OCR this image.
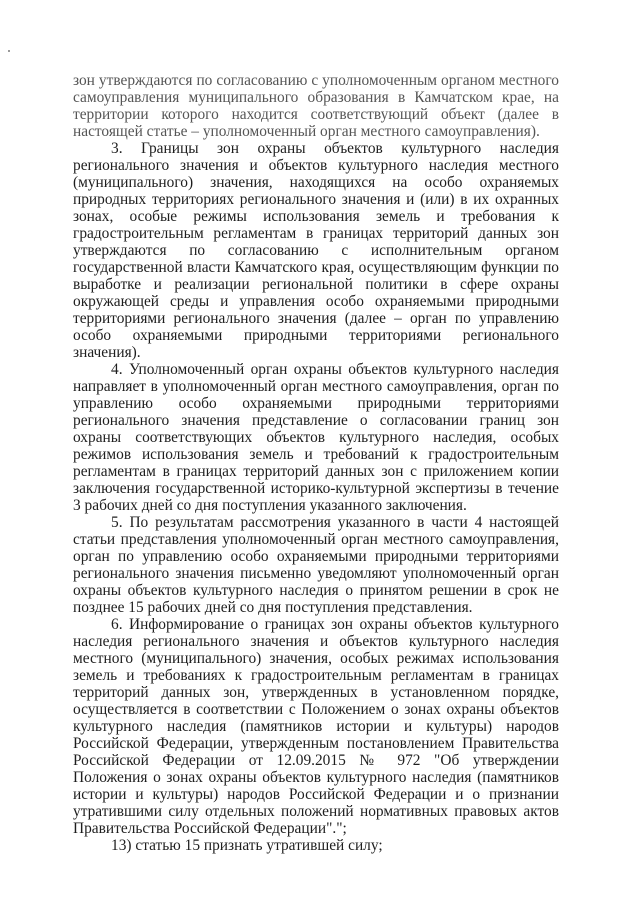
зон утверждаются по согласованию с уполномоченным органом местного самоуправления муниципального образования в Камчатском крае, на территории которого находится соответствующий объект (далее в настоящей статье – уполномоченный орган местного самоуправления).

3. Границы зон охраны объектов культурного наследия регионального значения и объектов культурного наследия местного (муниципального) значения, находящихся на особо охраняемых природных территориях регионального значения и (или) в их охранных зонах, особые режимы использования земель и требования к градостроительным регламентам в границах территорий данных зон утверждаются по согласованию с исполнительным органом государственной власти Камчатского края, осуществляющим функции по выработке и реализации региональной политики в сфере охраны окружающей среды и управления особо охраняемыми природными территориями регионального значения (далее – орган по управлению особо охраняемыми природными территориями регионального значения).

4. Уполномоченный орган охраны объектов культурного наследия направляет в уполномоченный орган местного самоуправления, орган по управлению особо охраняемыми природными территориями регионального значения представление о согласовании границ зон охраны соответствующих объектов культурного наследия, особых режимов использования земель и требований к градостроительным регламентам в границах территорий данных зон с приложением копии заключения государственной историко-культурной экспертизы в течение 3 рабочих дней со дня поступления указанного заключения.

5. По результатам рассмотрения указанного в части 4 настоящей статьи представления уполномоченный орган местного самоуправления, орган по управлению особо охраняемыми природными территориями регионального значения письменно уведомляют уполномоченный орган охраны объектов культурного наследия о принятом решении в срок не позднее 15 рабочих дней со дня поступления представления.

6. Информирование о границах зон охраны объектов культурного наследия регионального значения и объектов культурного наследия местного (муниципального) значения, особых режимах использования земель и требованиях к градостроительным регламентам в границах территорий данных зон, утвержденных в установленном порядке, осуществляется в соответствии с Положением о зонах охраны объектов культурного наследия (памятников истории и культуры) народов Российской Федерации, утвержденным постановлением Правительства Российской Федерации от 12.09.2015 № 972 "Об утверждении Положения о зонах охраны объектов культурного наследия (памятников истории и культуры) народов Российской Федерации и о признании утратившими силу отдельных положений нормативных правовых актов Правительства Российской Федерации".";

13) статью 15 признать утратившей силу;
